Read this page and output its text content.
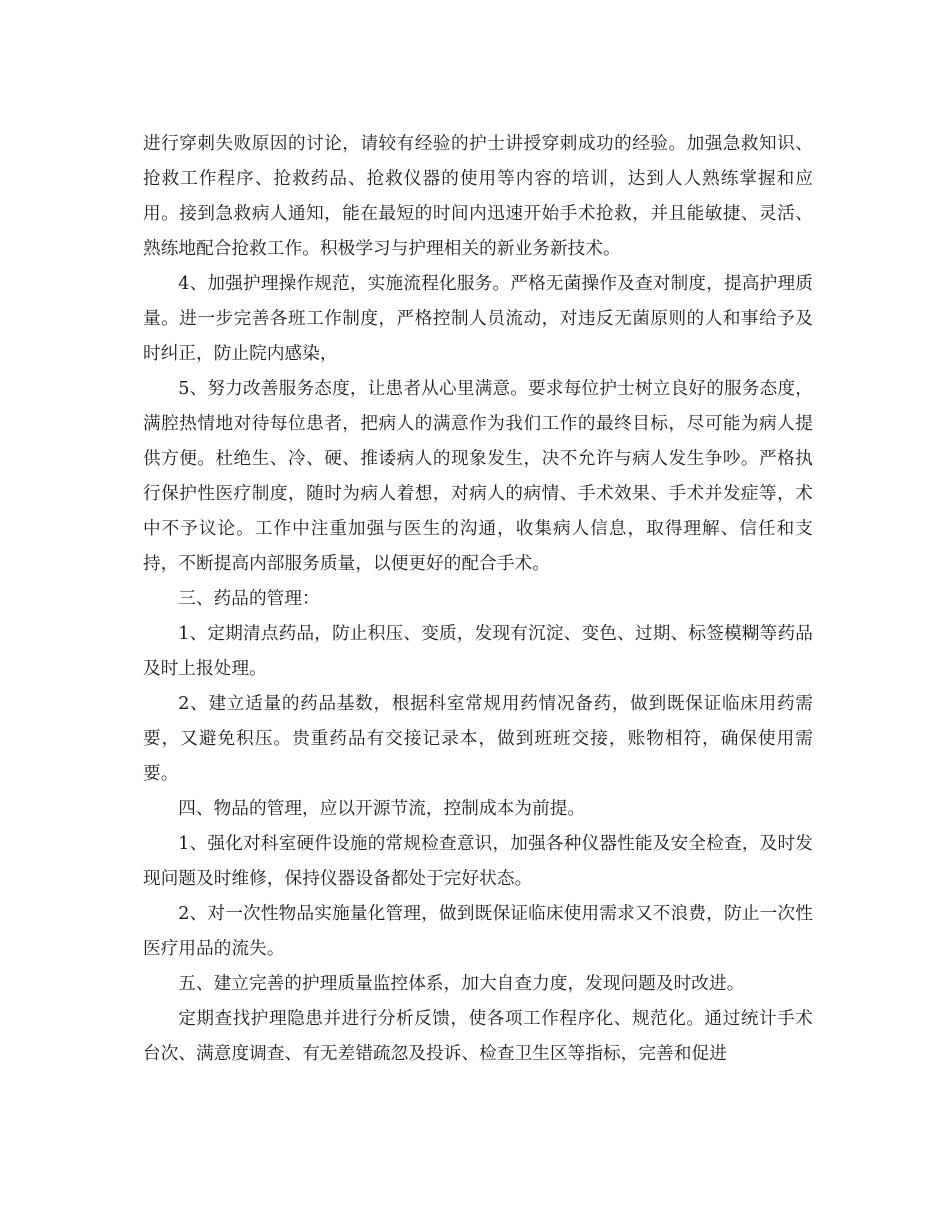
进行穿刺失败原因的讨论，请较有经验的护士讲授穿刺成功的经验。加强急救知识、抢救工作程序、抢救药品、抢救仪器的使用等内容的培训，达到人人熟练掌握和应用。接到急救病人通知，能在最短的时间内迅速开始手术抢救，并且能敏捷、灵活、熟练地配合抢救工作。积极学习与护理相关的新业务新技术。

4、加强护理操作规范，实施流程化服务。严格无菌操作及查对制度，提高护理质量。进一步完善各班工作制度，严格控制人员流动，对违反无菌原则的人和事给予及时纠正，防止院内感染，

5、努力改善服务态度，让患者从心里满意。要求每位护士树立良好的服务态度，满腔热情地对待每位患者，把病人的满意作为我们工作的最终目标，尽可能为病人提供方便。杜绝生、冷、硬、推诿病人的现象发生，决不允许与病人发生争吵。严格执行保护性医疗制度，随时为病人着想，对病人的病情、手术效果、手术并发症等，术中不予议论。工作中注重加强与医生的沟通，收集病人信息，取得理解、信任和支持，不断提高内部服务质量，以便更好的配合手术。

三、药品的管理：

1、定期清点药品，防止积压、变质，发现有沉淀、变色、过期、标签模糊等药品及时上报处理。

2、建立适量的药品基数，根据科室常规用药情况备药，做到既保证临床用药需要，又避免积压。贵重药品有交接记录本，做到班班交接，账物相符，确保使用需要。

四、物品的管理，应以开源节流，控制成本为前提。

1、强化对科室硬件设施的常规检查意识，加强各种仪器性能及安全检查，及时发现问题及时维修，保持仪器设备都处于完好状态。

2、对一次性物品实施量化管理，做到既保证临床使用需求又不浪费，防止一次性医疗用品的流失。

五、建立完善的护理质量监控体系，加大自查力度，发现问题及时改进。

定期查找护理隐患并进行分析反馈，使各项工作程序化、规范化。通过统计手术台次、满意度调查、有无差错疏忽及投诉、检查卫生区等指标，完善和促进
